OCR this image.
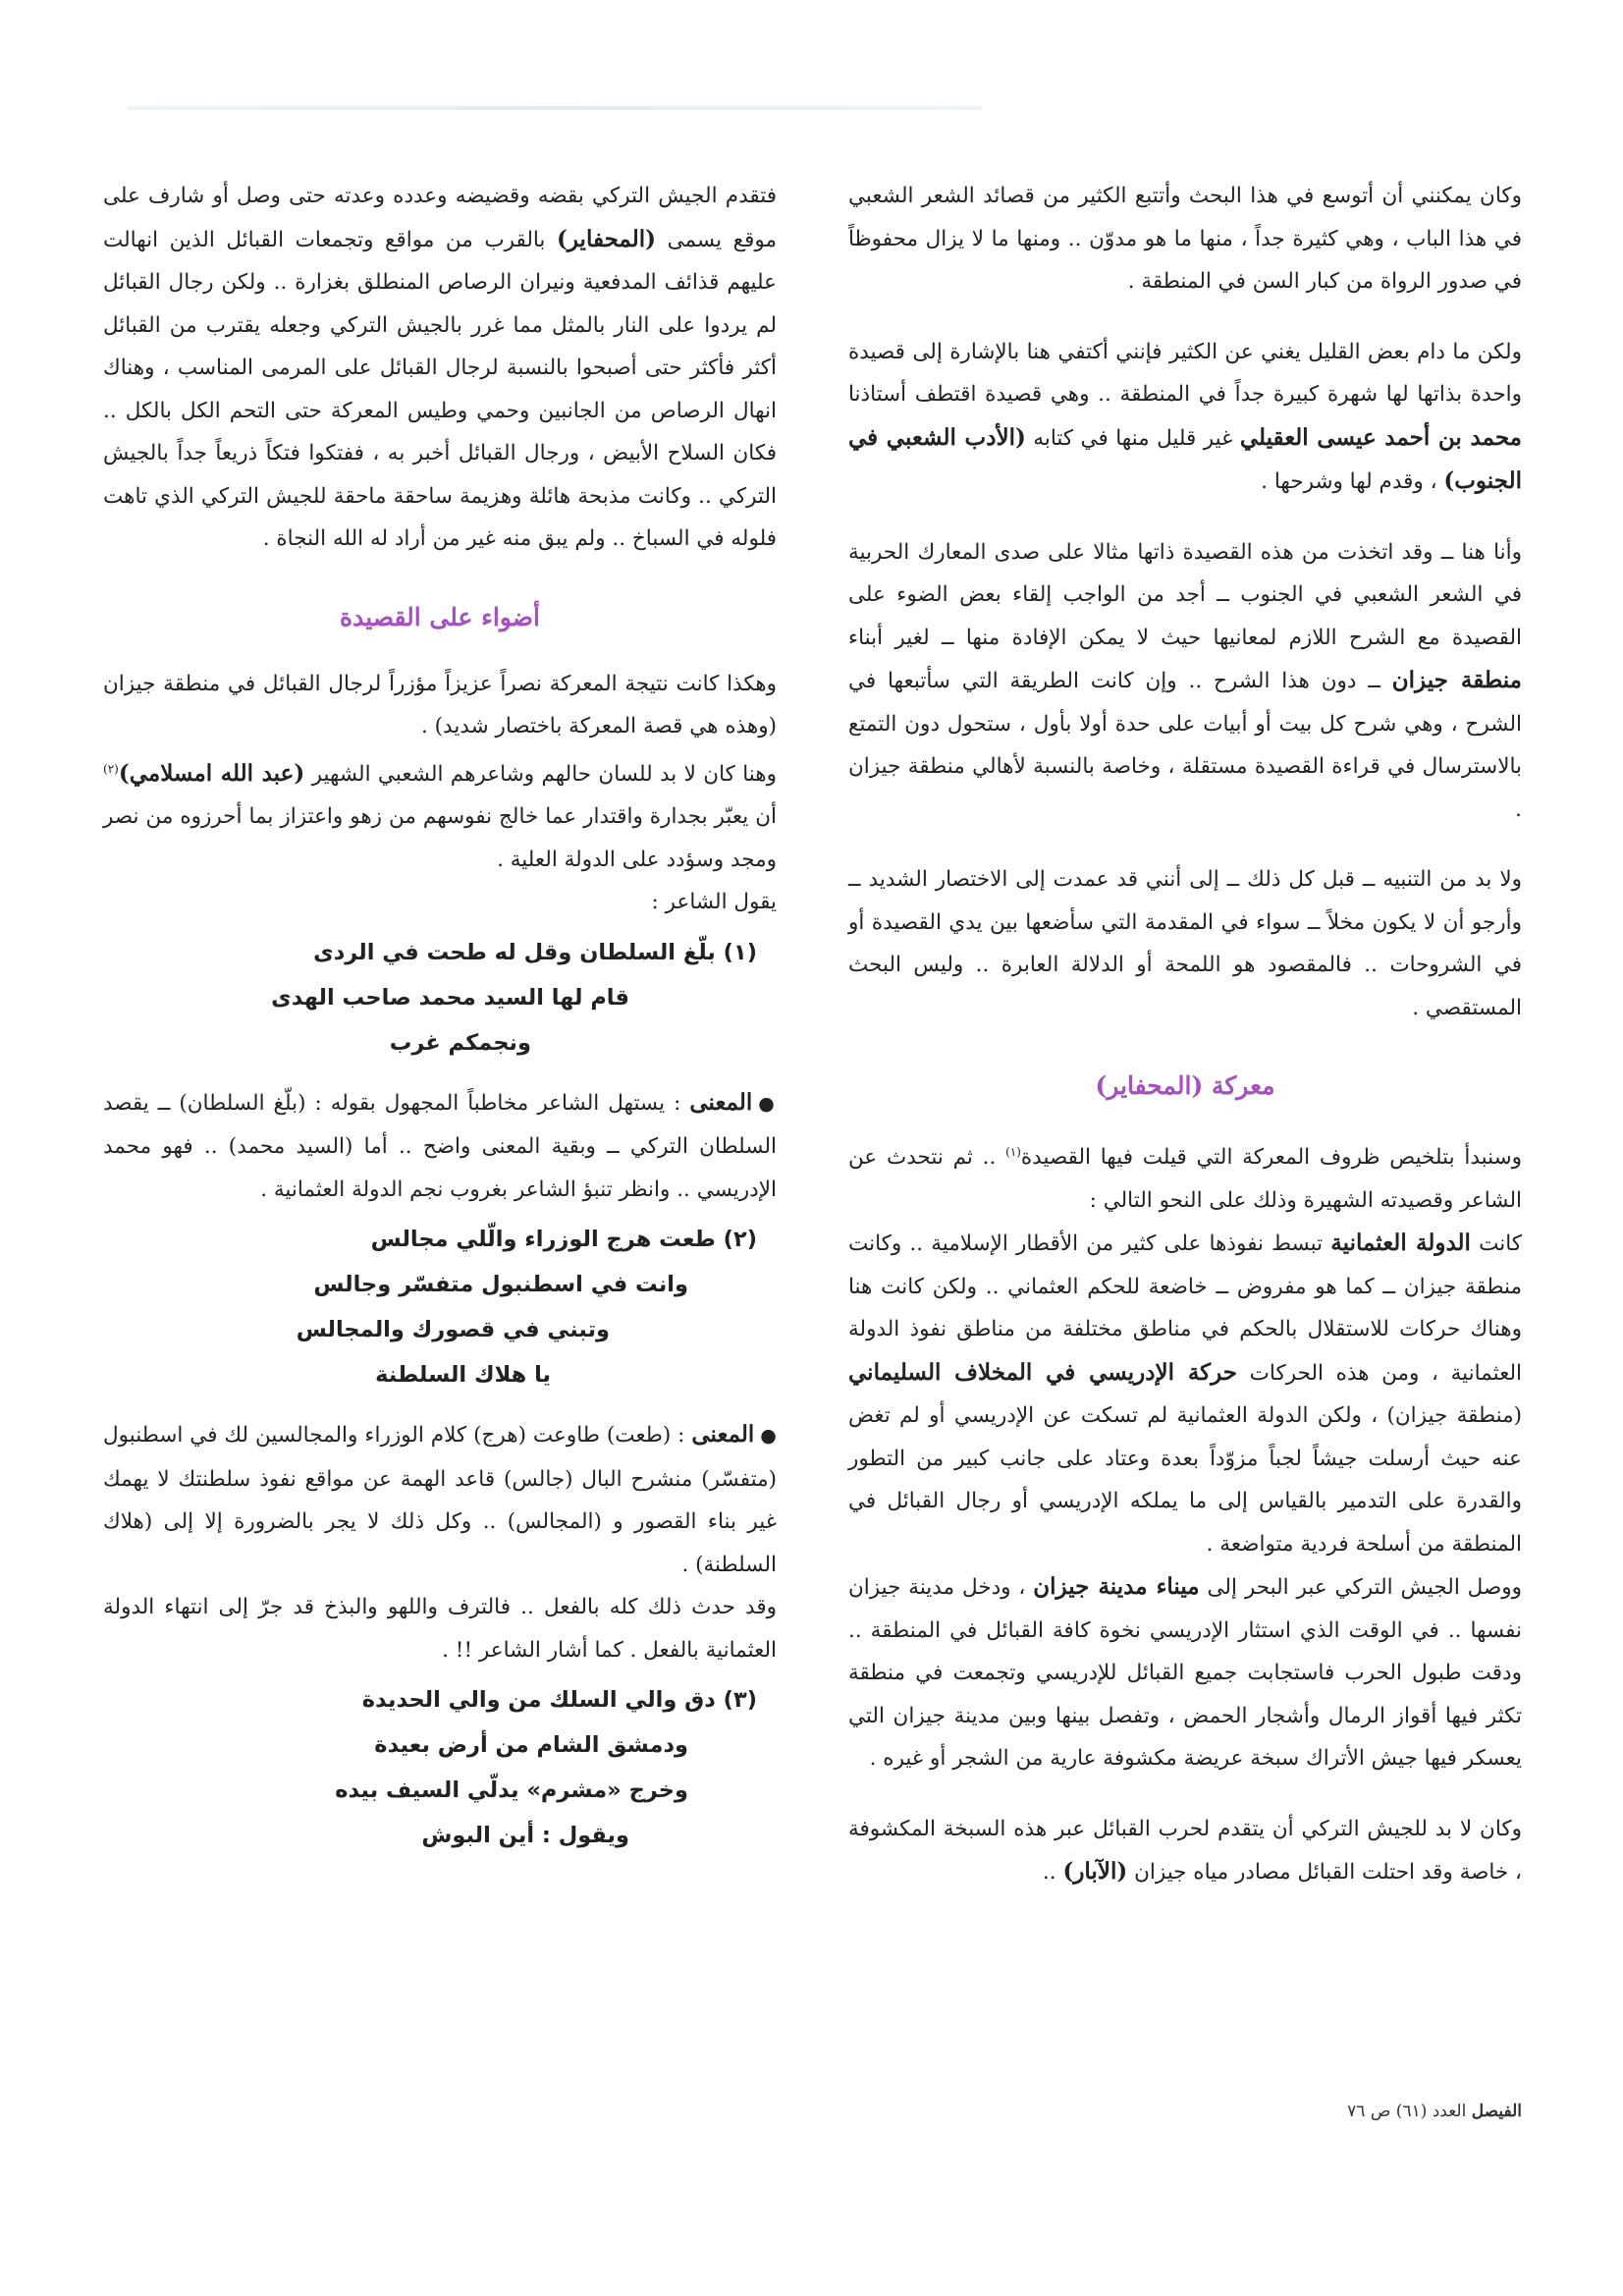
وكان يمكنني أن أتوسع في هذا البحث وأتتبع الكثير من قصائد الشعر الشعبي في هذا الباب ، وهي كثيرة جداً ، منها ما هو مدوّن .. ومنها ما لا يزال محفوظاً في صدور الرواة من كبار السن في المنطقة .

ولكن ما دام بعض القليل يغني عن الكثير فإنني أكتفي هنا بالإشارة إلى قصيدة واحدة بذاتها لها شهرة كبيرة جداً في المنطقة .. وهي قصيدة اقتطف أستاذنا محمد بن أحمد عيسى العقيلي غير قليل منها في كتابه (الأدب الشعبي في الجنوب) ، وقدم لها وشرحها .

وأنا هنا ــ وقد اتخذت من هذه القصيدة ذاتها مثالا على صدى المعارك الحربية في الشعر الشعبي في الجنوب ــ أجد من الواجب إلقاء بعض الضوء على القصيدة مع الشرح اللازم لمعانيها حيث لا يمكن الإفادة منها ــ لغير أبناء منطقة جيزان ــ دون هذا الشرح .. وإن كانت الطريقة التي سأتبعها في الشرح ، وهي شرح كل بيت أو أبيات على حدة أولا بأول ، ستحول دون التمتع بالاسترسال في قراءة القصيدة مستقلة ، وخاصة بالنسبة لأهالي منطقة جيزان .

ولا بد من التنبيه ــ قبل كل ذلك ــ إلى أنني قد عمدت إلى الاختصار الشديد ــ وأرجو أن لا يكون مخلاً ــ سواء في المقدمة التي سأضعها بين يدي القصيدة أو في الشروحات .. فالمقصود هو اللمحة أو الدلالة العابرة .. وليس البحث المستقصي .

معركة (المحفاير)

وسنبدأ بتلخيص ظروف المعركة التي قيلت فيها القصيدة$^{(١)}$ .. ثم نتحدث عن الشاعر وقصيدته الشهيرة وذلك على النحو التالي :

كانت الدولة العثمانية تبسط نفوذها على كثير من الأقطار الإسلامية .. وكانت منطقة جيزان ــ كما هو مفروض ــ خاضعة للحكم العثماني .. ولكن كانت هنا وهناك حركات للاستقلال بالحكم في مناطق مختلفة من مناطق نفوذ الدولة العثمانية ، ومن هذه الحركات حركة الإدريسي في المخلاف السليماني (منطقة جيزان) ، ولكن الدولة العثمانية لم تسكت عن الإدريسي أو لم تغض عنه حيث أرسلت جيشاً لجباً مزوّداً بعدة وعتاد على جانب كبير من التطور والقدرة على التدمير بالقياس إلى ما يملكه الإدريسي أو رجال القبائل في المنطقة من أسلحة فردية متواضعة .

ووصل الجيش التركي عبر البحر إلى ميناء مدينة جيزان ، ودخل مدينة جيزان نفسها .. في الوقت الذي استثار الإدريسي نخوة كافة القبائل في المنطقة .. ودقت طبول الحرب فاستجابت جميع القبائل للإدريسي وتجمعت في منطقة تكثر فيها أقواز الرمال وأشجار الحمض ، وتفصل بينها وبين مدينة جيزان التي يعسكر فيها جيش الأتراك سبخة عريضة مكشوفة عارية من الشجر أو غيره .

وكان لا بد للجيش التركي أن يتقدم لحرب القبائل عبر هذه السبخة المكشوفة ، خاصة وقد احتلت القبائل مصادر مياه جيزان (الآبار) ..

فتقدم الجيش التركي بقضه وقضيضه وعدده وعدته حتى وصل أو شارف على موقع يسمى (المحفاير) بالقرب من مواقع وتجمعات القبائل الذين انهالت عليهم قذائف المدفعية ونيران الرصاص المنطلق بغزارة .. ولكن رجال القبائل لم يردوا على النار بالمثل مما غرر بالجيش التركي وجعله يقترب من القبائل أكثر فأكثر حتى أصبحوا بالنسبة لرجال القبائل على المرمى المناسب ، وهناك انهال الرصاص من الجانبين وحمي وطيس المعركة حتى التحم الكل بالكل .. فكان السلاح الأبيض ، ورجال القبائل أخبر به ، ففتكوا فتكاً ذريعاً جداً بالجيش التركي .. وكانت مذبحة هائلة وهزيمة ساحقة ماحقة للجيش التركي الذي تاهت فلوله في السباخ .. ولم يبق منه غير من أراد له الله النجاة .

أضواء على القصيدة

وهكذا كانت نتيجة المعركة نصراً عزيزاً مؤزراً لرجال القبائل في منطقة جيزان (وهذه هي قصة المعركة باختصار شديد) .

وهنا كان لا بد للسان حالهم وشاعرهم الشعبي الشهير (عبد الله امسلامي)$^{(٢)}$ أن يعبّر بجدارة واقتدار عما خالج نفوسهم من زهو واعتزاز بما أحرزوه من نصر ومجد وسؤدد على الدولة العلية .

يقول الشاعر :

(١) بلّغ السلطان وقل له طحت في الردى
قام لها السيد محمد صاحب الهدى
ونجمكم غرب

●المعنى : يستهل الشاعر مخاطباً المجهول بقوله : (بلّغ السلطان) ــ يقصد السلطان التركي ــ وبقية المعنى واضح .. أما (السيد محمد) .. فهو محمد الإدريسي .. وانظر تنبؤ الشاعر بغروب نجم الدولة العثمانية .

(٢) طعت هرج الوزراء والّلي مجالس
وانت في اسطنبول متفسّر وجالس
وتبني في قصورك والمجالس
يا هلاك السلطنة

●المعنى : (طعت) طاوعت (هرج) كلام الوزراء والمجالسين لك في اسطنبول (متفسّر) منشرح البال (جالس) قاعد الهمة عن مواقع نفوذ سلطنتك لا يهمك غير بناء القصور و (المجالس) .. وكل ذلك لا يجر بالضرورة إلا إلى (هلاك السلطنة) .

وقد حدث ذلك كله بالفعل .. فالترف واللهو والبذخ قد جرّ إلى انتهاء الدولة العثمانية بالفعل . كما أشار الشاعر !! .

(٣) دق والي السلك من والي الحديدة
ودمشق الشام من أرض بعيدة
وخرج «مشرم» يدلّي السيف بيده
ويقول : أين البوش
الفيصل العدد (٦١) ص ٧٦
